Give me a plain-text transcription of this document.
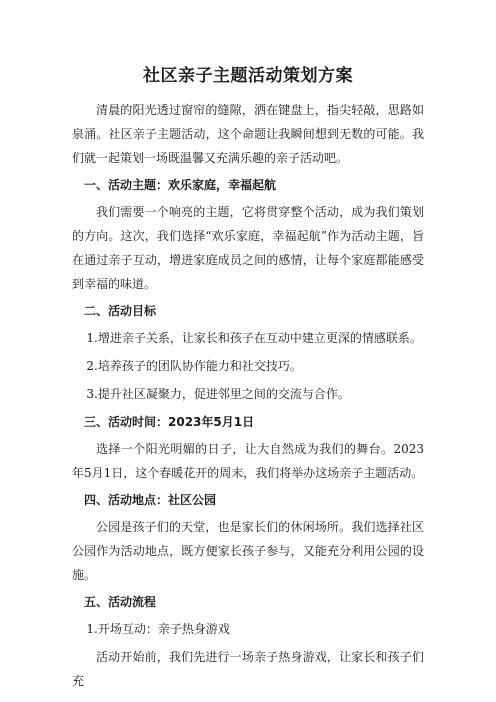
社区亲子主题活动策划方案

清晨的阳光透过窗帘的缝隙，洒在键盘上，指尖轻敲，思路如泉涌。社区亲子主题活动，这个命题让我瞬间想到无数的可能。我们就一起策划一场既温馨又充满乐趣的亲子活动吧。

一、活动主题：欢乐家庭，幸福起航

我们需要一个响亮的主题，它将贯穿整个活动，成为我们策划的方向。这次，我们选择“欢乐家庭，幸福起航”作为活动主题，旨在通过亲子互动，增进家庭成员之间的感情，让每个家庭都能感受到幸福的味道。

二、活动目标
1.增进亲子关系，让家长和孩子在互动中建立更深的情感联系。
2.培养孩子的团队协作能力和社交技巧。
3.提升社区凝聚力，促进邻里之间的交流与合作。
三、活动时间：2023年5月1日

选择一个阳光明媚的日子，让大自然成为我们的舞台。2023年5月1日，这个春暖花开的周末，我们将举办这场亲子主题活动。

四、活动地点：社区公园

公园是孩子们的天堂，也是家长们的休闲场所。我们选择社区公园作为活动地点，既方便家长孩子参与，又能充分利用公园的设施。

五、活动流程
1.开场互动：亲子热身游戏

活动开始前，我们先进行一场亲子热身游戏，让家长和孩子们充
